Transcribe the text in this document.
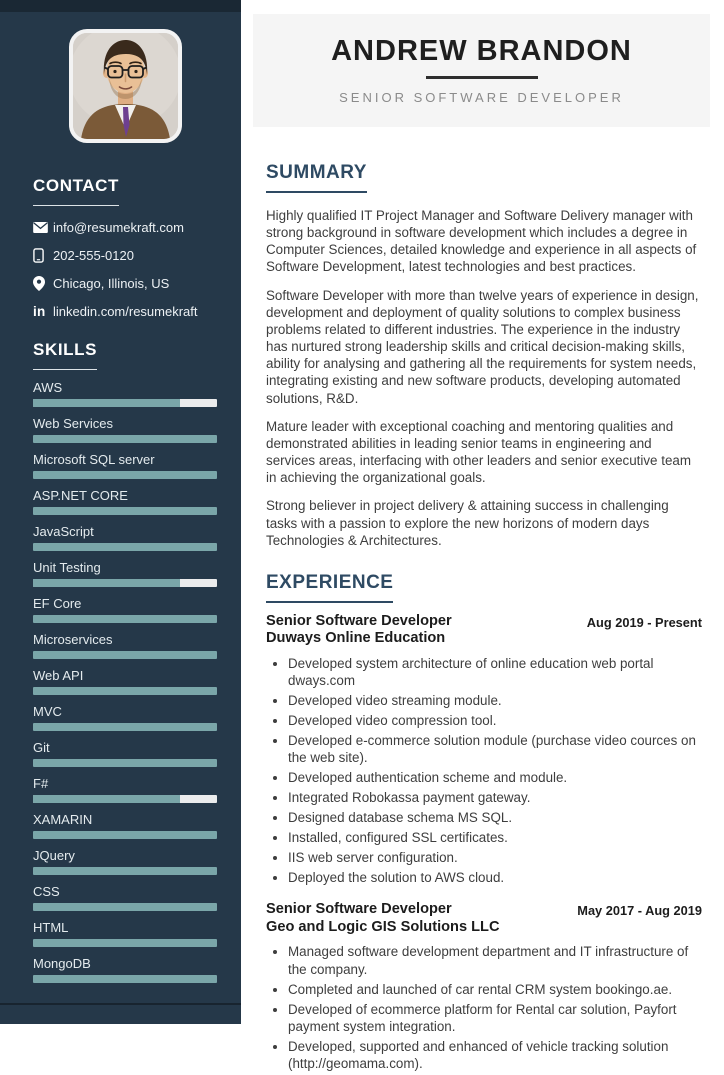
CONTACT
info@resumekraft.com
202-555-0120
Chicago, Illinois, US
in linkedin.com/resumekraft
SKILLS
AWS
Web Services
Microsoft SQL server
ASP.NET CORE
JavaScript
Unit Testing
EF Core
Microservices
Web API
MVC
Git
F#
XAMARIN
JQuery
CSS
HTML
MongoDB
ANDREW BRANDON
SENIOR SOFTWARE DEVELOPER
SUMMARY

Highly qualified IT Project Manager and Software Delivery manager with strong background in software development which includes a degree in Computer Sciences, detailed knowledge and experience in all aspects of Software Development, latest technologies and best practices.

Software Developer with more than twelve years of experience in design, development and deployment of quality solutions to complex business problems related to different industries. The experience in the industry has nurtured strong leadership skills and critical decision-making skills, ability for analysing and gathering all the requirements for system needs, integrating existing and new software products, developing automated solutions, R&D.

Mature leader with exceptional coaching and mentoring qualities and demonstrated abilities in leading senior teams in engineering and services areas, interfacing with other leaders and senior executive team in achieving the organizational goals.

Strong believer in project delivery & attaining success in challenging tasks with a passion to explore the new horizons of modern days Technologies & Architectures.

EXPERIENCE
Senior Software Developer
Duways Online Education
Aug 2019 - Present
• Developed system architecture of online education web portal dways.com
• Developed video streaming module.
• Developed video compression tool.
• Developed e-commerce solution module (purchase video cources on the web site).
• Developed authentication scheme and module.
• Integrated Robokassa payment gateway.
• Designed database schema MS SQL.
• Installed, configured SSL certificates.
• IIS web server configuration.
• Deployed the solution to AWS cloud.
Senior Software Developer
Geo and Logic GIS Solutions LLC
May 2017 - Aug 2019
• Managed software development department and IT infrastructure of the company.
• Completed and launched of car rental CRM system bookingo.ae.
• Developed of ecommerce platform for Rental car solution, Payfort payment system integration.
• Developed, supported and enhanced of vehicle tracking solution (http://geomama.com).
